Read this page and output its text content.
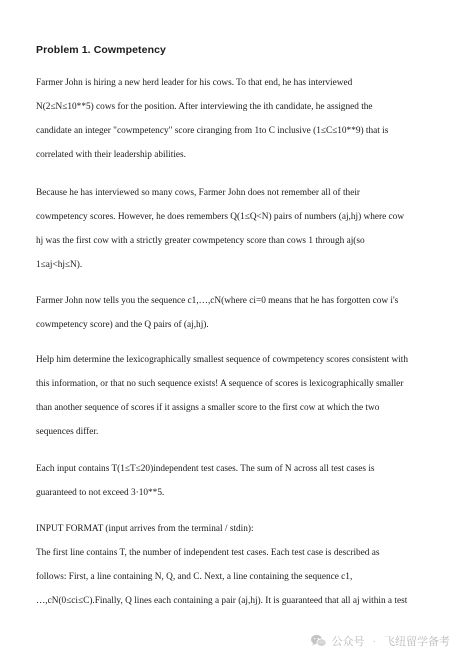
Problem 1. Cowmpetency
Farmer John is hiring a new herd leader for his cows. To that end, he has interviewed
N(2≤N≤10**5) cows for the position. After interviewing the ith candidate, he assigned the
candidate an integer "cowmpetency" score ciranging from 1to C inclusive (1≤C≤10**9) that is
correlated with their leadership abilities.
Because he has interviewed so many cows, Farmer John does not remember all of their
cowmpetency scores. However, he does remembers Q(1≤Q<N) pairs of numbers (aj,hj) where cow
hj was the first cow with a strictly greater cowmpetency score than cows 1 through aj(so
1≤aj<hj≤N).
Farmer John now tells you the sequence c1,…,cN(where ci=0 means that he has forgotten cow i's
cowmpetency score) and the Q pairs of (aj,hj).
Help him determine the lexicographically smallest sequence of cowmpetency scores consistent with
this information, or that no such sequence exists! A sequence of scores is lexicographically smaller
than another sequence of scores if it assigns a smaller score to the first cow at which the two
sequences differ.
Each input contains T(1≤T≤20)independent test cases. The sum of N across all test cases is
guaranteed to not exceed 3·10**5.
INPUT FORMAT (input arrives from the terminal / stdin):
The first line contains T, the number of independent test cases. Each test case is described as
follows: First, a line containing N, Q, and C. Next, a line containing the sequence c1,
…,cN(0≤ci≤C).Finally, Q lines each containing a pair (aj,hj). It is guaranteed that all aj within a test
公众号 · 飞纽留学备考
